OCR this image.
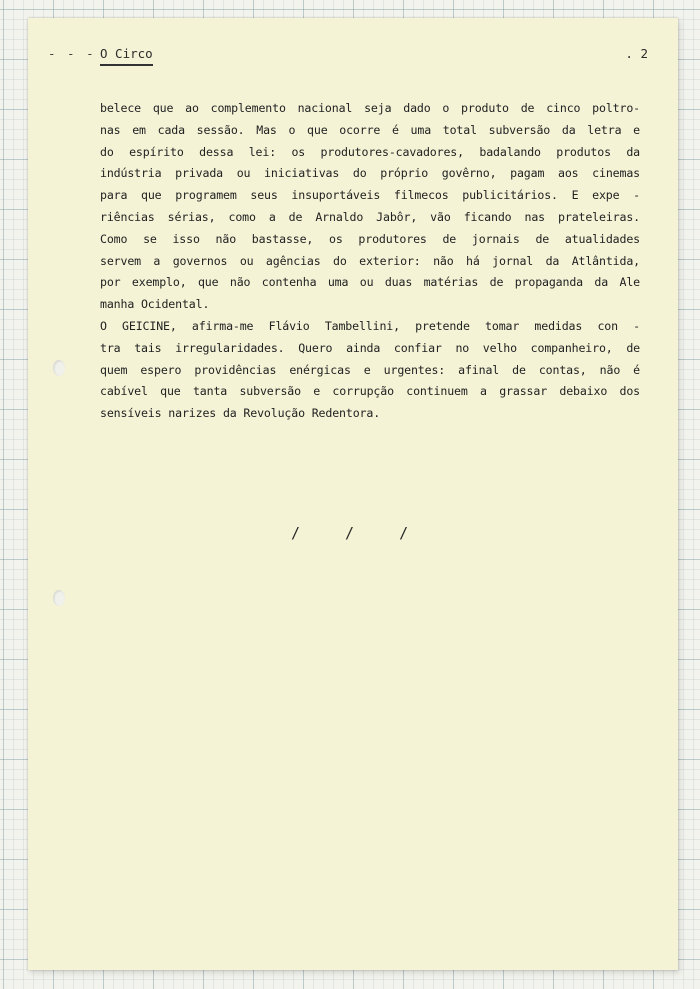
- - - O Circo	. 2
belece que ao complemento nacional seja dado o produto de cinco poltro-
nas em cada sessão. Mas o que ocorre é uma total subversão da letra e
do espírito dessa lei: os produtores-cavadores, badalando produtos da
indústria privada ou iniciativas do próprio govêrno, pagam aos cinemas
para que programem seus insuportáveis filmecos publicitários. E expe -
riências sérias, como a de Arnaldo Jabôr, vão ficando nas prateleiras.
Como se isso não bastasse, os produtores de jornais de atualidades
servem a governos ou agências do exterior: não há jornal da Atlântida,
por exemplo, que não contenha uma ou duas matérias de propaganda da Ale
manha Ocidental.
O GEICINE, afirma-me Flávio Tambellini, pretende tomar medidas con -
tra tais irregularidades. Quero ainda confiar no velho companheiro, de
quem espero providências enérgicas e urgentes: afinal de contas, não é
cabível que tanta subversão e corrupção continuem a grassar debaixo dos
sensíveis narizes da Revolução Redentora.
/ / /
